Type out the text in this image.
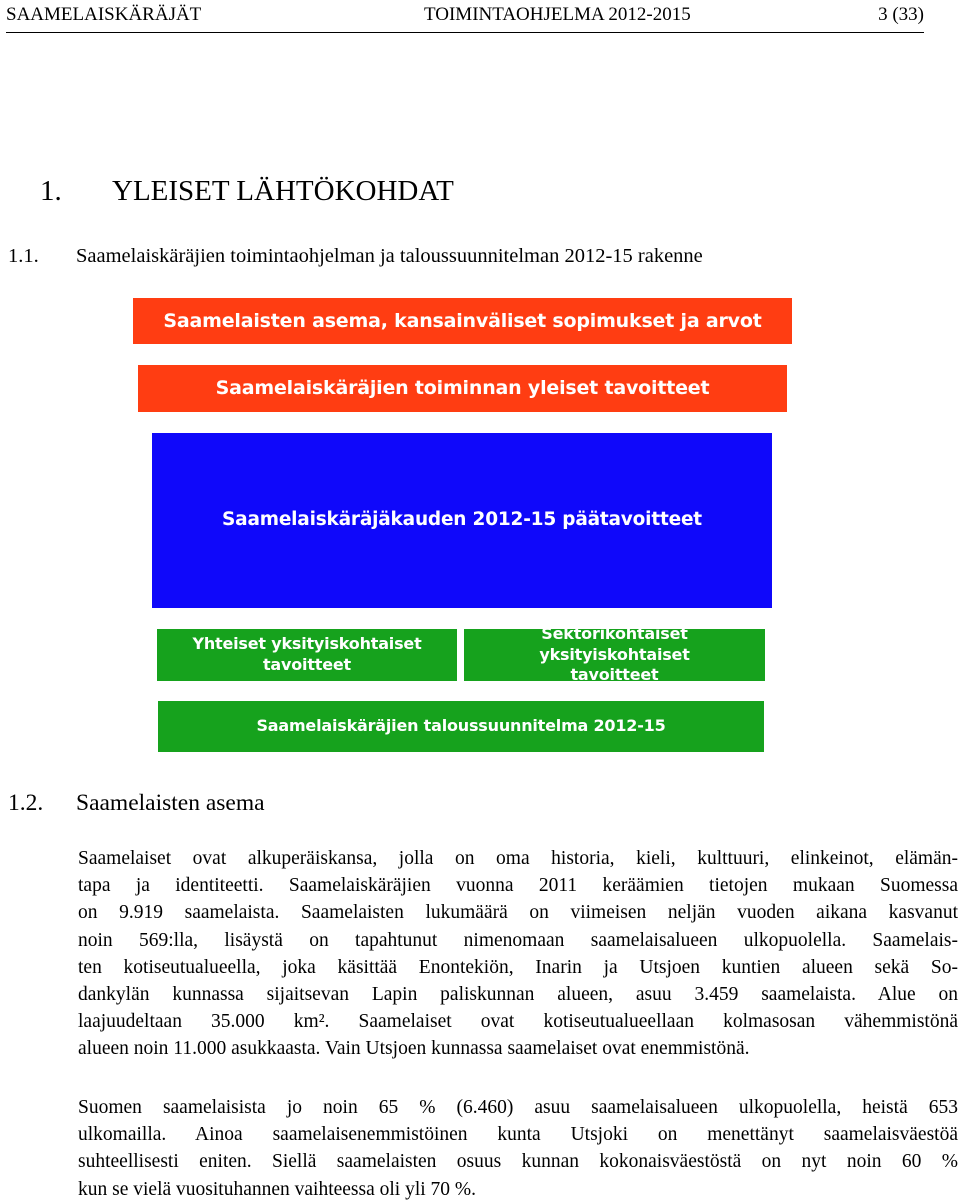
SAAMELAISKÄRÄJÄT	TOIMINTAOHJELMA 2012-2015	3 (33)
1. YLEISET LÄHTÖKOHDAT
1.1. Saamelaiskäräjien toimintaohjelman ja taloussuunnitelman 2012-15 rakenne
Saamelaisten asema, kansainväliset sopimukset ja arvot
Saamelaiskäräjien toiminnan yleiset tavoitteet
Saamelaiskäräjäkauden 2012-15 päätavoitteet
Yhteiset yksityiskohtaiset
tavoitteet
Sektorikohtaiset yksityiskohtaiset
tavoitteet
Saamelaiskäräjien taloussuunnitelma 2012-15
1.2. Saamelaisten asema
Saamelaiset ovat alkuperäiskansa, jolla on oma historia, kieli, kulttuuri, elinkeinot, elämän-
tapa ja identiteetti. Saamelaiskäräjien vuonna 2011 keräämien tietojen mukaan Suomessa
on 9.919 saamelaista. Saamelaisten lukumäärä on viimeisen neljän vuoden aikana kasvanut
noin 569:lla, lisäystä on tapahtunut nimenomaan saamelaisalueen ulkopuolella. Saamelais-
ten kotiseutualueella, joka käsittää Enontekiön, Inarin ja Utsjoen kuntien alueen sekä So-
dankylän kunnassa sijaitsevan Lapin paliskunnan alueen, asuu 3.459 saamelaista. Alue on
laajuudeltaan 35.000 km². Saamelaiset ovat kotiseutualueellaan kolmasosan vähemmistönä
alueen noin 11.000 asukkaasta. Vain Utsjoen kunnassa saamelaiset ovat enemmistönä.
Suomen saamelaisista jo noin 65 % (6.460) asuu saamelaisalueen ulkopuolella, heistä 653
ulkomailla. Ainoa saamelaisenemmistöinen kunta Utsjoki on menettänyt saamelaisväestöä
suhteellisesti eniten. Siellä saamelaisten osuus kunnan kokonaisväestöstä on nyt noin 60 %
kun se vielä vuosituhannen vaihteessa oli yli 70 %.
